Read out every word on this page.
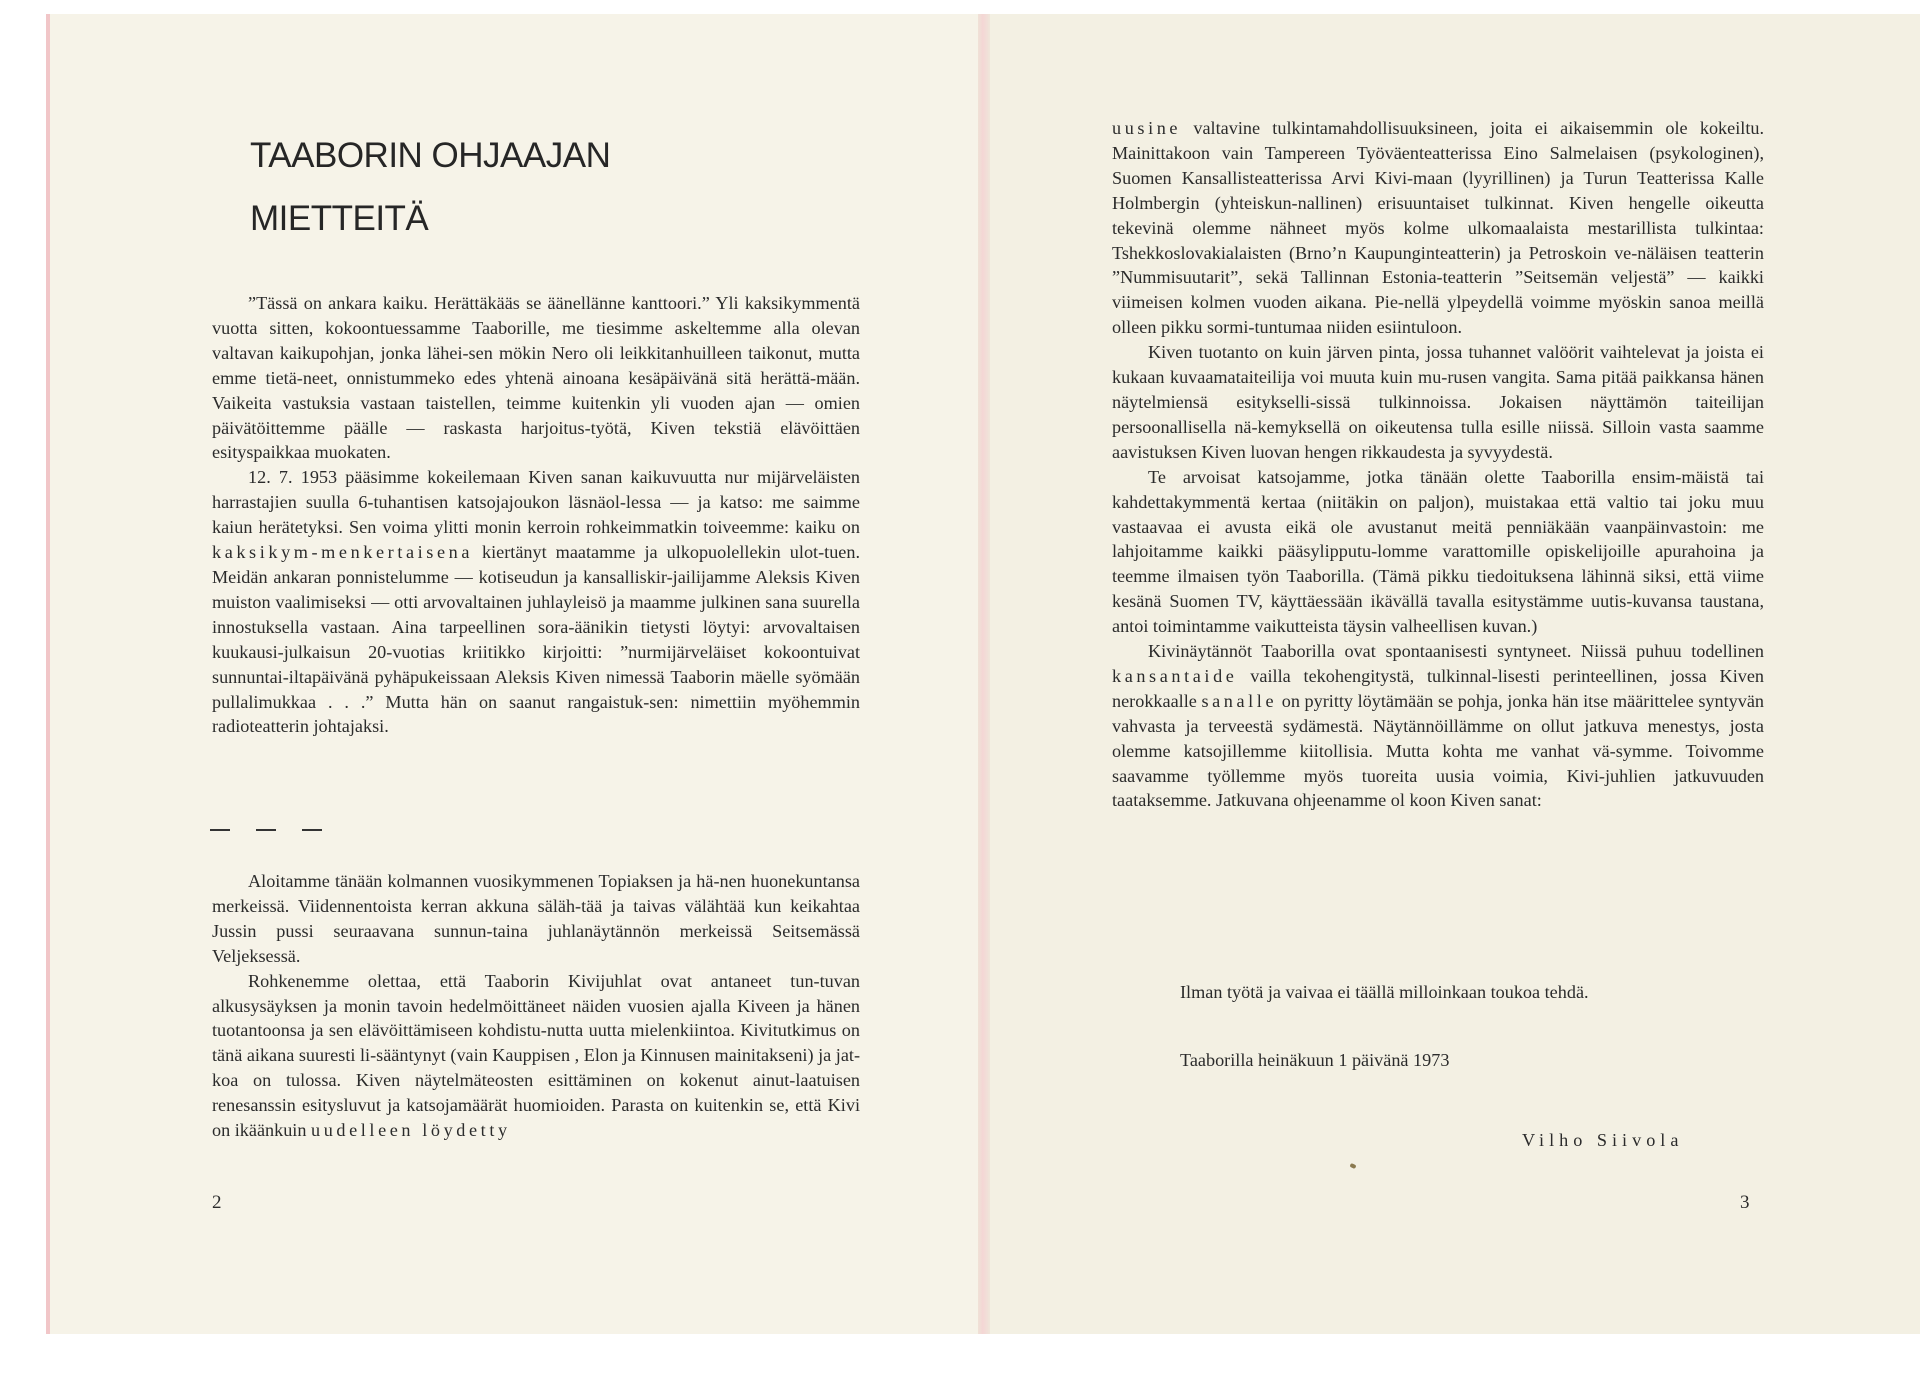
TAABORIN OHJAAJAN
MIETTEITÄ

”Tässä on ankara kaiku. Herättäkääs se äänellänne kanttoori.” Yli kaksikymmentä vuotta sitten, kokoontuessamme Taaborille, me tiesimme askeltemme alla olevan valtavan kaikupohjan, jonka lähei-sen mökin Nero oli leikkitanhuilleen taikonut, mutta emme tietä-neet, onnistummeko edes yhtenä ainoana kesäpäivänä sitä herättä-mään. Vaikeita vastuksia vastaan taistellen, teimme kuitenkin yli vuoden ajan — omien päivätöittemme päälle — raskasta harjoitus-työtä, Kiven tekstiä elävöittäen esityspaikkaa muokaten.

12. 7. 1953 pääsimme kokeilemaan Kiven sanan kaikuvuutta nur mijärveläisten harrastajien suulla 6-tuhantisen katsojajoukon läsnäol-lessa — ja katso: me saimme kaiun herätetyksi. Sen voima ylitti monin kerroin rohkeimmatkin toiveemme: kaiku on kaksikym-menkertaisena kiertänyt maatamme ja ulkopuolellekin ulot-tuen. Meidän ankaran ponnistelumme — kotiseudun ja kansalliskir-jailijamme Aleksis Kiven muiston vaalimiseksi — otti arvovaltainen juhlayleisö ja maamme julkinen sana suurella innostuksella vastaan. Aina tarpeellinen sora-äänikin tietysti löytyi: arvovaltaisen kuukausi-julkaisun 20-vuotias kriitikko kirjoitti: ”nurmijärveläiset kokoontuivat sunnuntai-iltapäivänä pyhäpukeissaan Aleksis Kiven nimessä Taaborin mäelle syömään pullalimukkaa . . .” Mutta hän on saanut rangaistuk-sen: nimettiin myöhemmin radioteatterin johtajaksi.

Aloitamme tänään kolmannen vuosikymmenen Topiaksen ja hä-nen huonekuntansa merkeissä. Viidennentoista kerran akkuna säläh-tää ja taivas välähtää kun keikahtaa Jussin pussi seuraavana sunnun-taina juhlanäytännön merkeissä Seitsemässä Veljeksessä.

Rohkenemme olettaa, että Taaborin Kivijuhlat ovat antaneet tun-tuvan alkusysäyksen ja monin tavoin hedelmöittäneet näiden vuosien ajalla Kiveen ja hänen tuotantoonsa ja sen elävöittämiseen kohdistu-nutta uutta mielenkiintoa. Kivitutkimus on tänä aikana suuresti li-sääntynyt (vain Kauppisen , Elon ja Kinnusen mainitakseni) ja jat-koa on tulossa. Kiven näytelmäteosten esittäminen on kokenut ainut-laatuisen renesanssin esitysluvut ja katsojamäärät huomioiden. Parasta on kuitenkin se, että Kivi on ikäänkuin uudelleen löydetty

2

uusine valtavine tulkintamahdollisuuksineen, joita ei aikaisemmin ole kokeiltu. Mainittakoon vain Tampereen Työväenteatterissa Eino Salmelaisen (psykologinen), Suomen Kansallisteatterissa Arvi Kivi-maan (lyyrillinen) ja Turun Teatterissa Kalle Holmbergin (yhteiskun-nallinen) erisuuntaiset tulkinnat. Kiven hengelle oikeutta tekevinä olemme nähneet myös kolme ulkomaalaista mestarillista tulkintaa: Tshekkoslovakialaisten (Brno’n Kaupunginteatterin) ja Petroskoin ve-näläisen teatterin ”Nummisuutarit”, sekä Tallinnan Estonia-teatterin ”Seitsemän veljestä” — kaikki viimeisen kolmen vuoden aikana. Pie-nellä ylpeydellä voimme myöskin sanoa meillä olleen pikku sormi-tuntumaa niiden esiintuloon.

Kiven tuotanto on kuin järven pinta, jossa tuhannet valöörit vaihtelevat ja joista ei kukaan kuvaamataiteilija voi muuta kuin mu-rusen vangita. Sama pitää paikkansa hänen näytelmiensä esitykselli-sissä tulkinnoissa. Jokaisen näyttämön taiteilijan persoonallisella nä-kemyksellä on oikeutensa tulla esille niissä. Silloin vasta saamme aavistuksen Kiven luovan hengen rikkaudesta ja syvyydestä.

Te arvoisat katsojamme, jotka tänään olette Taaborilla ensim-mäistä tai kahdettakymmentä kertaa (niitäkin on paljon), muistakaa että valtio tai joku muu vastaavaa ei avusta eikä ole avustanut meitä penniäkään vaanpäinvastoin: me lahjoitamme kaikki pääsylipputu-lomme varattomille opiskelijoille apurahoina ja teemme ilmaisen työn Taaborilla. (Tämä pikku tiedoituksena lähinnä siksi, että viime kesänä Suomen TV, käyttäessään ikävällä tavalla esitystämme uutis-kuvansa taustana, antoi toimintamme vaikutteista täysin valheellisen kuvan.)

Kivinäytännöt Taaborilla ovat spontaanisesti syntyneet. Niissä puhuu todellinen kansantaide vailla tekohengitystä, tulkinnal-lisesti perinteellinen, jossa Kiven nerokkaalle sanalle on pyritty löytämään se pohja, jonka hän itse määrittelee syntyvän vahvasta ja terveestä sydämestä. Näytännöillämme on ollut jatkuva menestys, josta olemme katsojillemme kiitollisia. Mutta kohta me vanhat vä-symme. Toivomme saavamme työllemme myös tuoreita uusia voimia, Kivi-juhlien jatkuvuuden taataksemme. Jatkuvana ohjeenamme ol koon Kiven sanat:

Ilman työtä ja vaivaa ei täällä milloinkaan toukoa tehdä.

Taaborilla heinäkuun 1 päivänä 1973

Vilho Siivola

3
